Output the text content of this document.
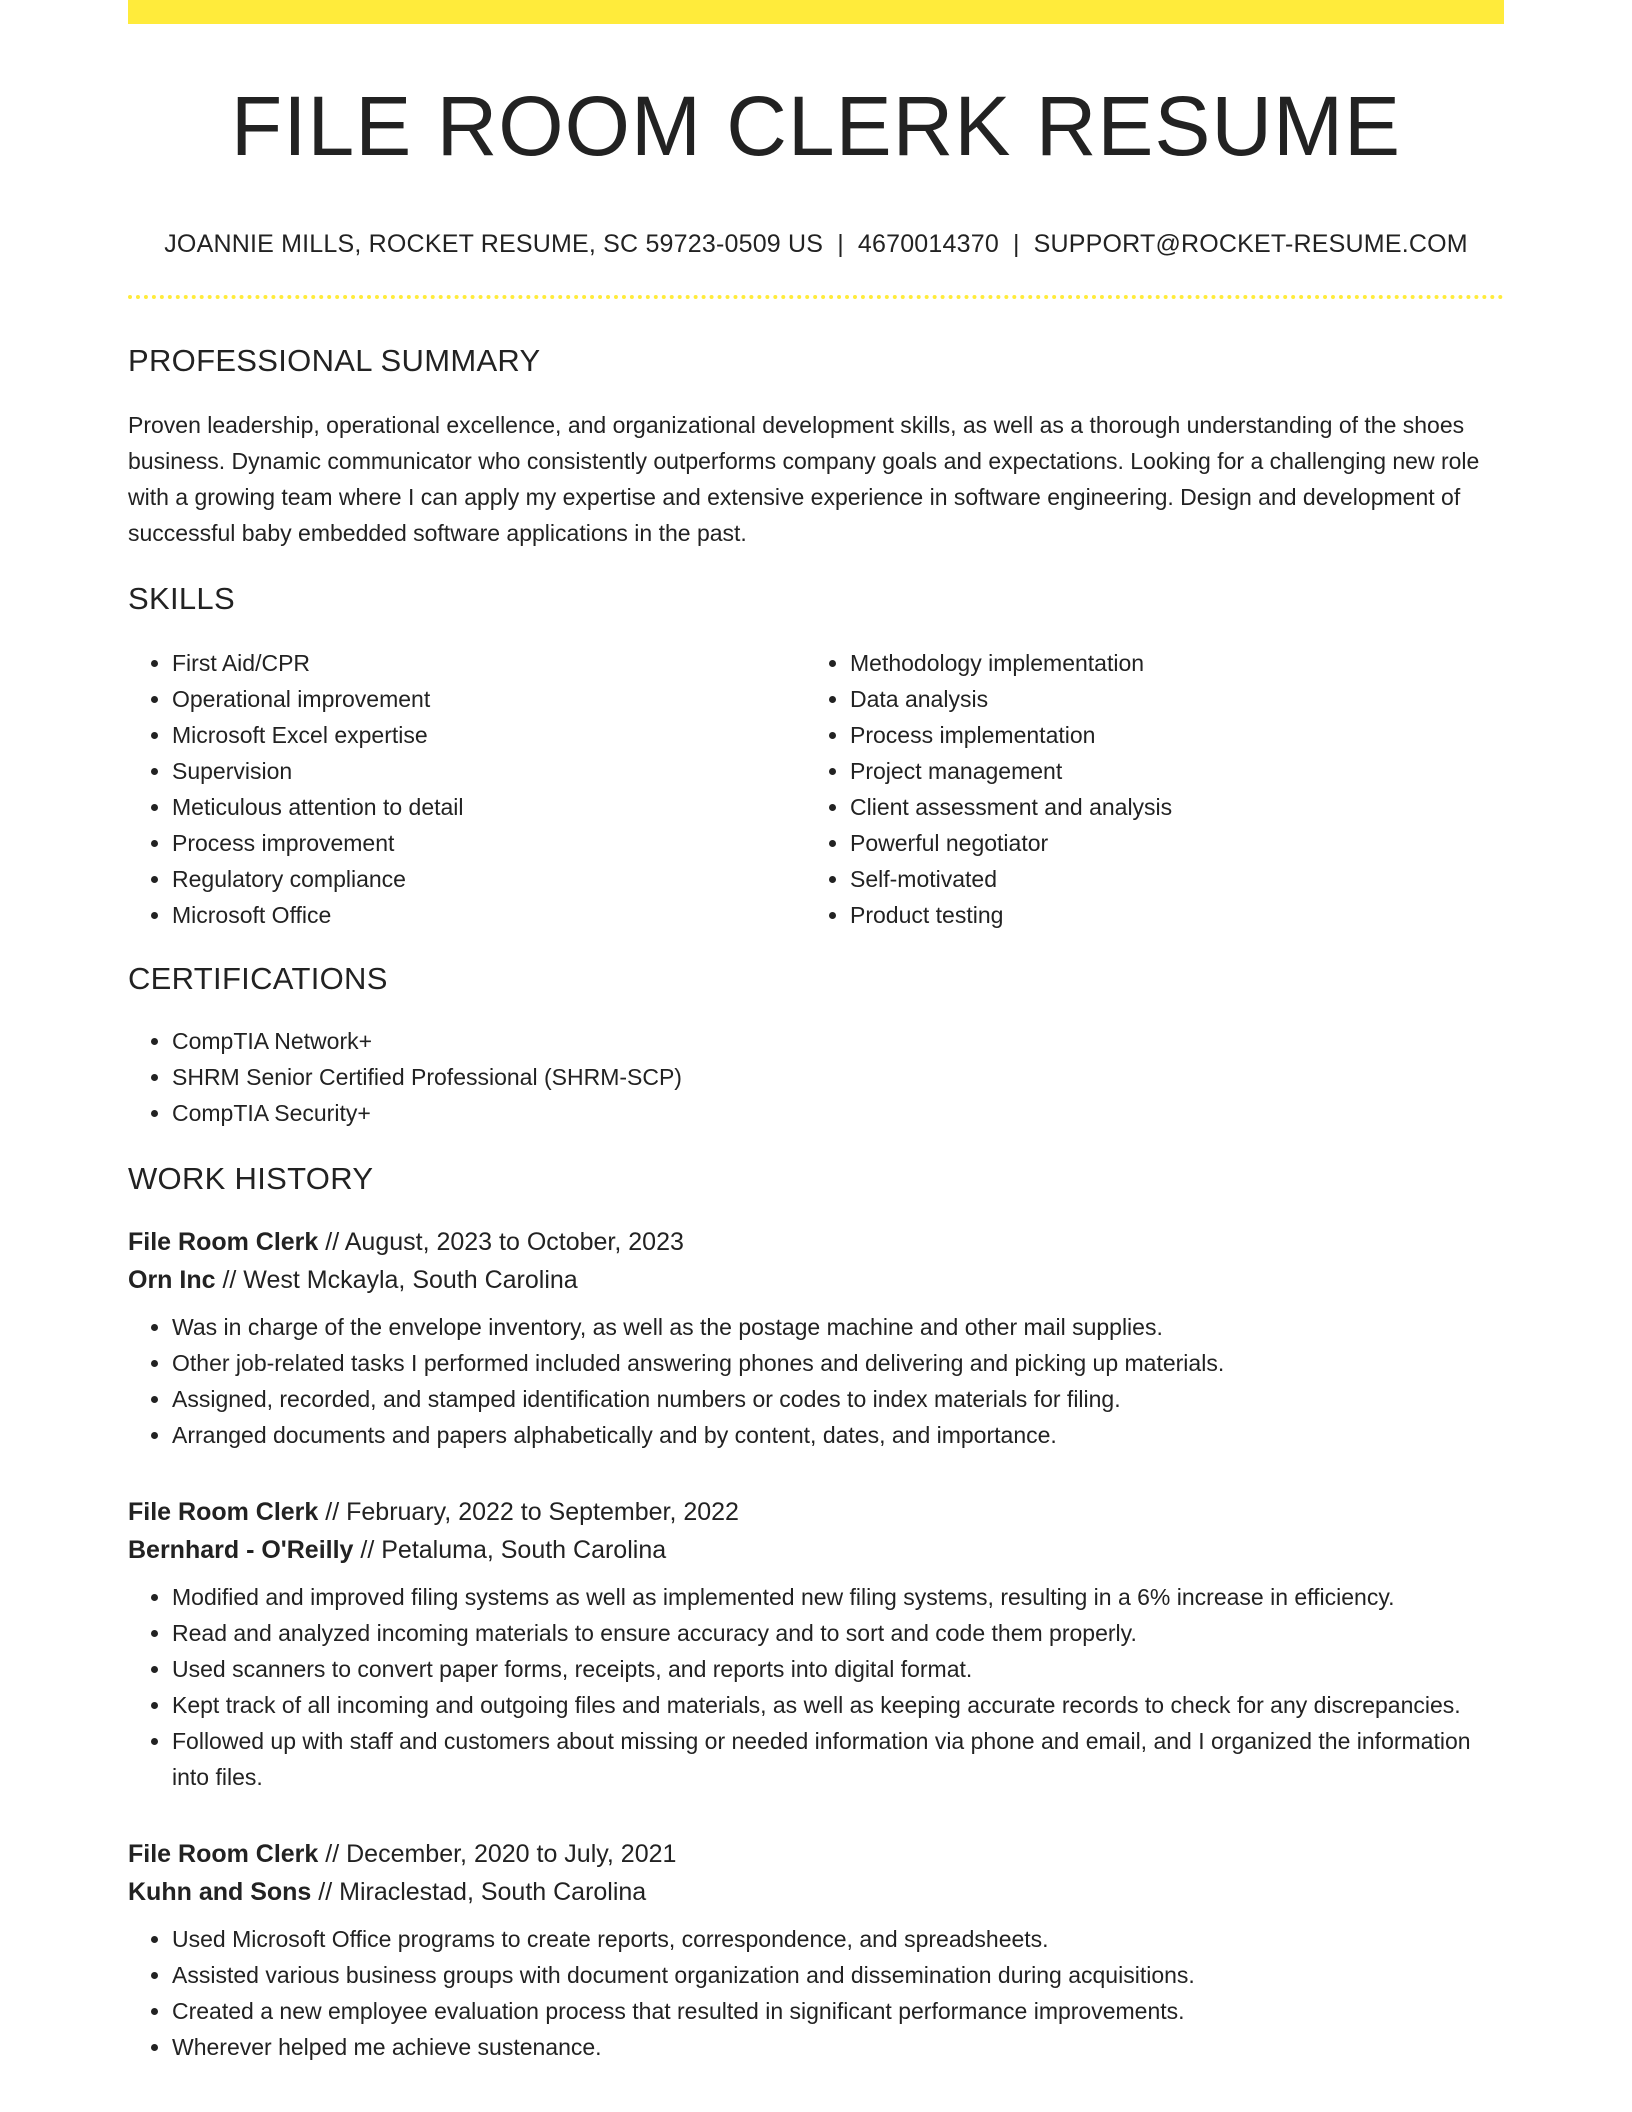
FILE ROOM CLERK RESUME
JOANNIE MILLS, ROCKET RESUME, SC 59723-0509 US | 4670014370 | SUPPORT@ROCKET-RESUME.COM
PROFESSIONAL SUMMARY

Proven leadership, operational excellence, and organizational development skills, as well as a thorough understanding of the shoes business. Dynamic communicator who consistently outperforms company goals and expectations. Looking for a challenging new role with a growing team where I can apply my expertise and extensive experience in software engineering. Design and development of successful baby embedded software applications in the past.

SKILLS
• First Aid/CPR
• Operational improvement
• Microsoft Excel expertise
• Supervision
• Meticulous attention to detail
• Process improvement
• Regulatory compliance
• Microsoft Office
• Methodology implementation
• Data analysis
• Process implementation
• Project management
• Client assessment and analysis
• Powerful negotiator
• Self-motivated
• Product testing
CERTIFICATIONS
• CompTIA Network+
• SHRM Senior Certified Professional (SHRM-SCP)
• CompTIA Security+
WORK HISTORY
File Room Clerk // August, 2023 to October, 2023
Orn Inc // West Mckayla, South Carolina
• Was in charge of the envelope inventory, as well as the postage machine and other mail supplies.
• Other job-related tasks I performed included answering phones and delivering and picking up materials.
• Assigned, recorded, and stamped identification numbers or codes to index materials for filing.
• Arranged documents and papers alphabetically and by content, dates, and importance.
File Room Clerk // February, 2022 to September, 2022
Bernhard - O'Reilly // Petaluma, South Carolina
• Modified and improved filing systems as well as implemented new filing systems, resulting in a 6% increase in efficiency.
• Read and analyzed incoming materials to ensure accuracy and to sort and code them properly.
• Used scanners to convert paper forms, receipts, and reports into digital format.
• Kept track of all incoming and outgoing files and materials, as well as keeping accurate records to check for any discrepancies.
• Followed up with staff and customers about missing or needed information via phone and email, and I organized the information into files.
File Room Clerk // December, 2020 to July, 2021
Kuhn and Sons // Miraclestad, South Carolina
• Used Microsoft Office programs to create reports, correspondence, and spreadsheets.
• Assisted various business groups with document organization and dissemination during acquisitions.
• Created a new employee evaluation process that resulted in significant performance improvements.
• Wherever helped me achieve sustenance.
